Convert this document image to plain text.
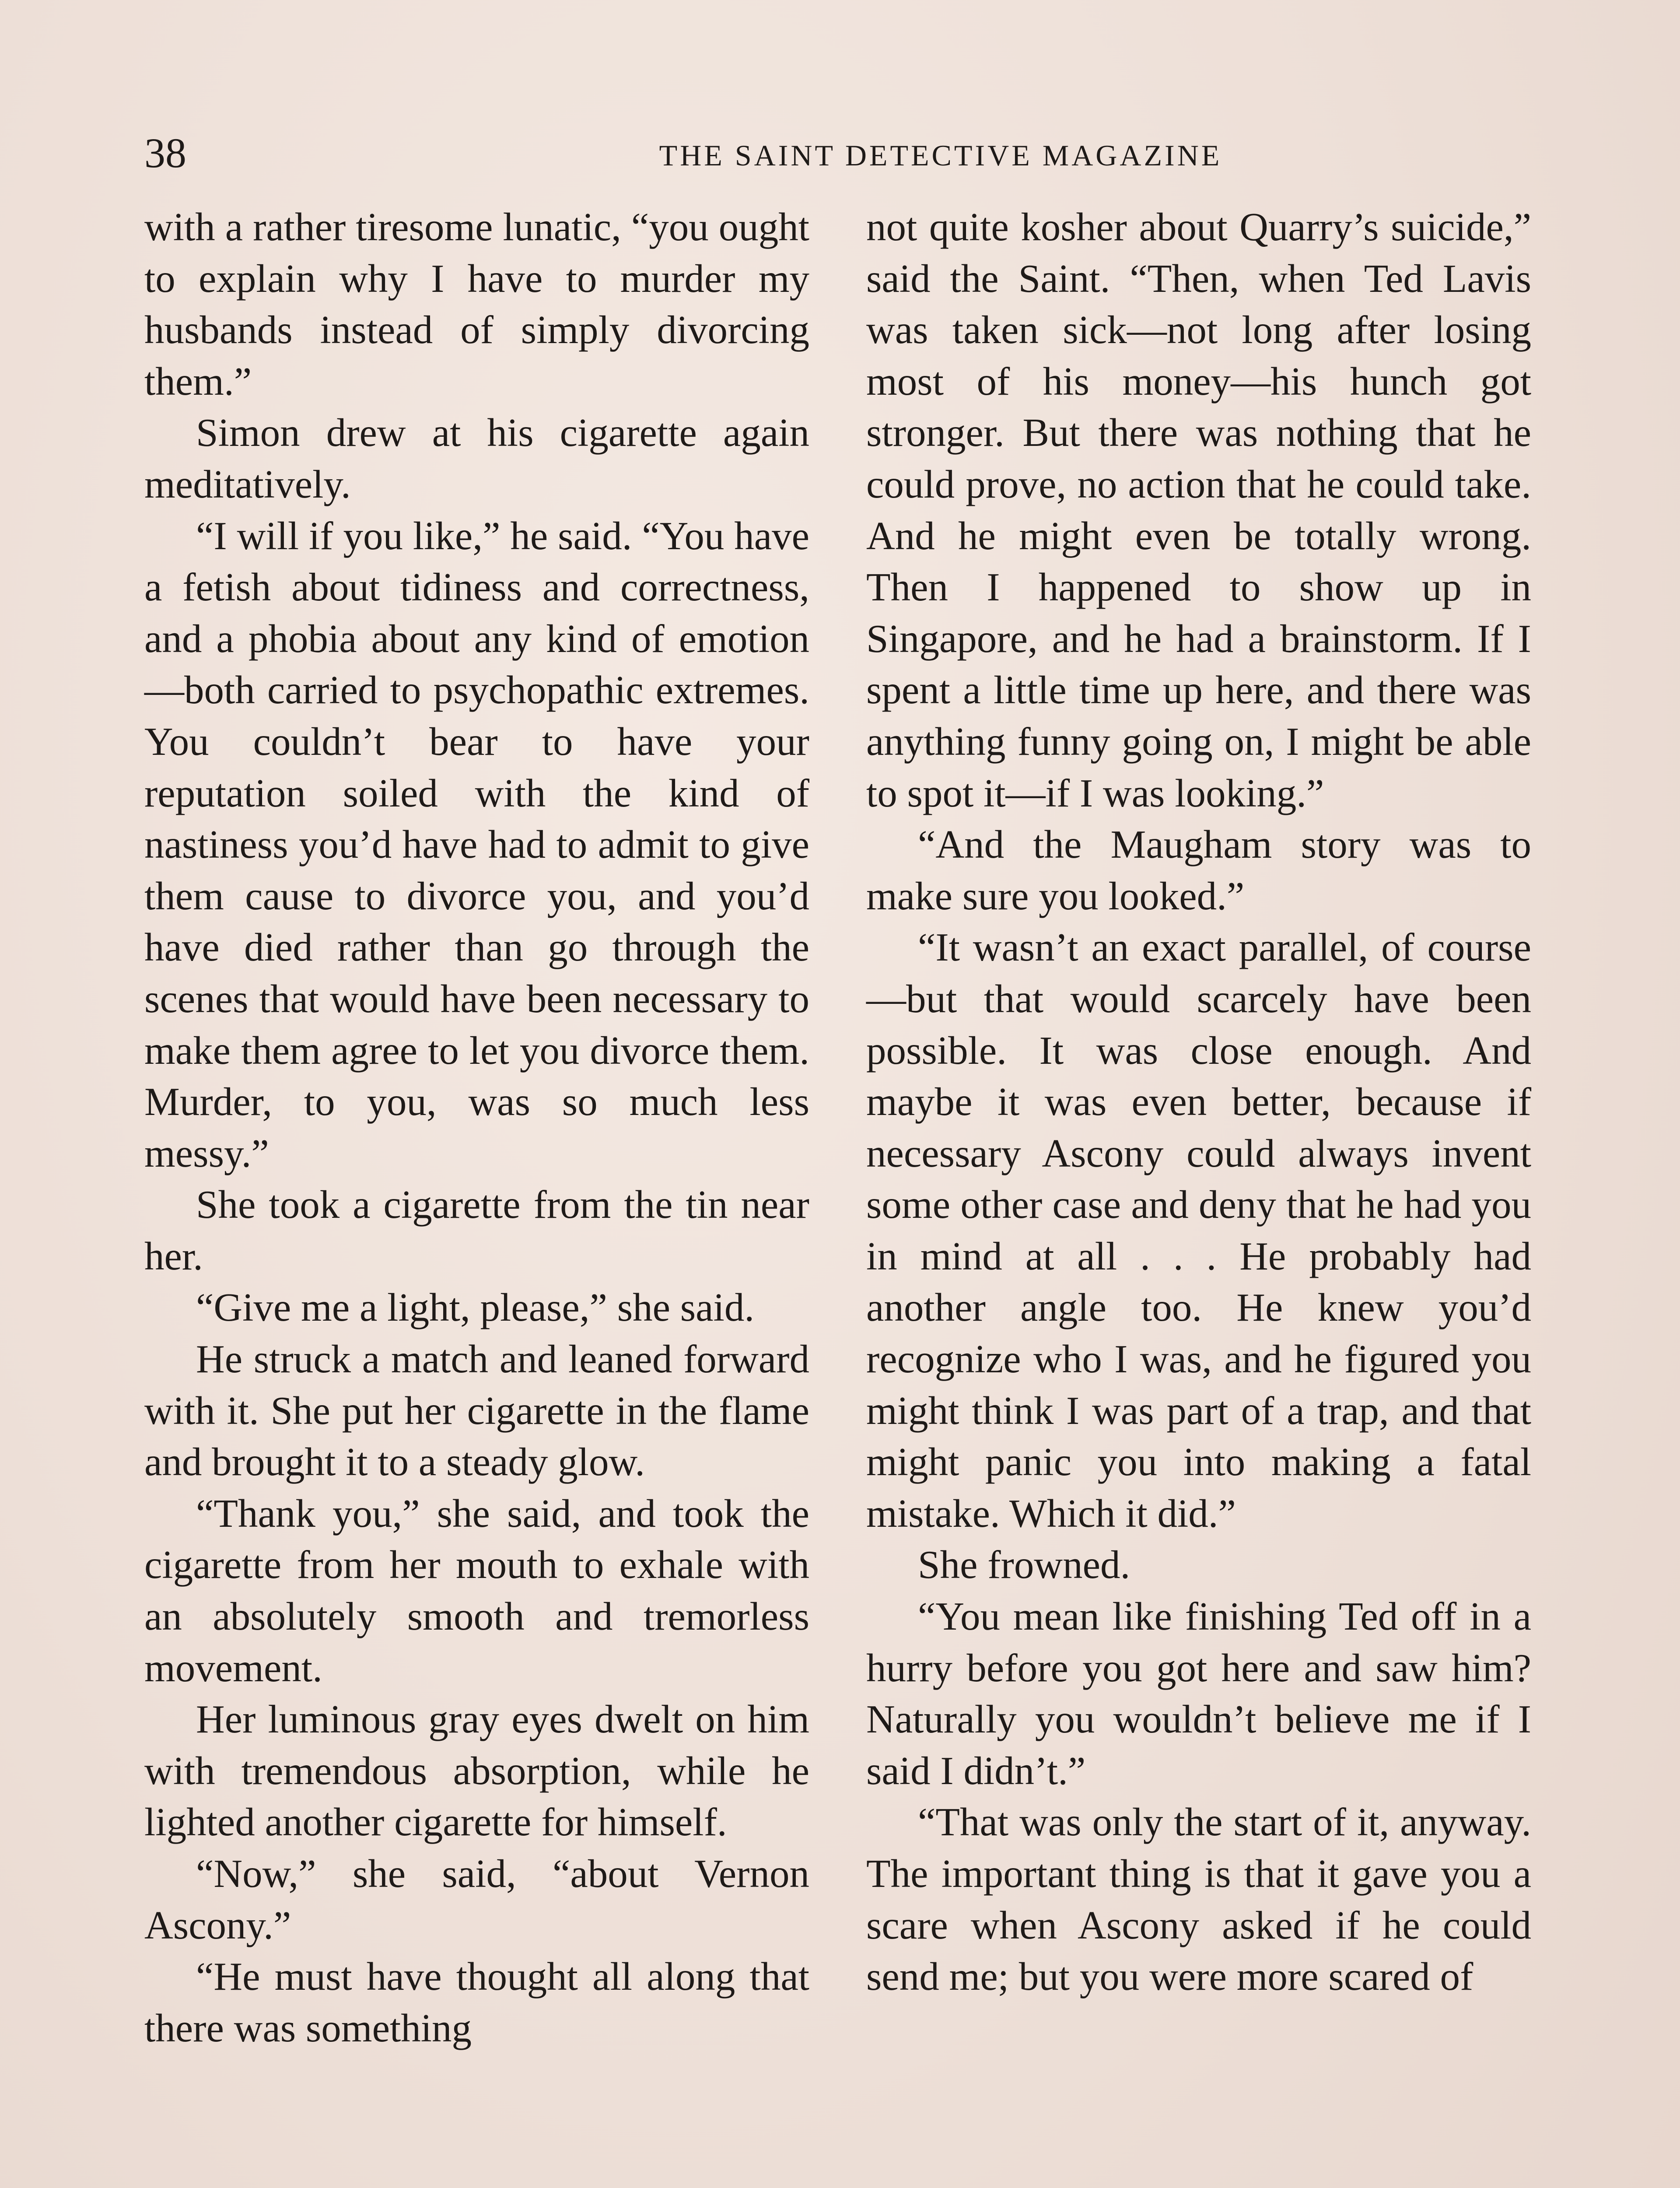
38	THE SAINT DETECTIVE MAGAZINE

with a rather tiresome lunatic, “you ought to explain why I have to murder my husbands instead of simply divorcing them.”

Simon drew at his cigarette again meditatively.

“I will if you like,” he said. “You have a fetish about tidiness and correctness, and a phobia about any kind of emotion—both carried to psychopathic extremes. You couldn’t bear to have your reputation soiled with the kind of nastiness you’d have had to admit to give them cause to divorce you, and you’d have died rather than go through the scenes that would have been necessary to make them agree to let you divorce them. Murder, to you, was so much less messy.”

She took a cigarette from the tin near her.

“Give me a light, please,” she said.

He struck a match and leaned forward with it. She put her cigarette in the flame and brought it to a steady glow.

“Thank you,” she said, and took the cigarette from her mouth to exhale with an absolutely smooth and tremorless movement.

Her luminous gray eyes dwelt on him with tremendous absorption, while he lighted another cigarette for himself.

“Now,” she said, “about Vernon Ascony.”

“He must have thought all along that there was something

not quite kosher about Quarry’s suicide,” said the Saint. “Then, when Ted Lavis was taken sick—not long after losing most of his money—his hunch got stronger. But there was nothing that he could prove, no action that he could take. And he might even be totally wrong. Then I happened to show up in Singapore, and he had a brainstorm. If I spent a little time up here, and there was anything funny going on, I might be able to spot it—if I was looking.”

“And the Maugham story was to make sure you looked.”

“It wasn’t an exact parallel, of course—but that would scarcely have been possible. It was close enough. And maybe it was even better, because if necessary Ascony could always invent some other case and deny that he had you in mind at all . . . He probably had another angle too. He knew you’d recognize who I was, and he figured you might think I was part of a trap, and that might panic you into making a fatal mistake. Which it did.”

She frowned.

“You mean like finishing Ted off in a hurry before you got here and saw him? Naturally you wouldn’t believe me if I said I didn’t.”

“That was only the start of it, anyway. The important thing is that it gave you a scare when Ascony asked if he could send me; but you were more scared of
